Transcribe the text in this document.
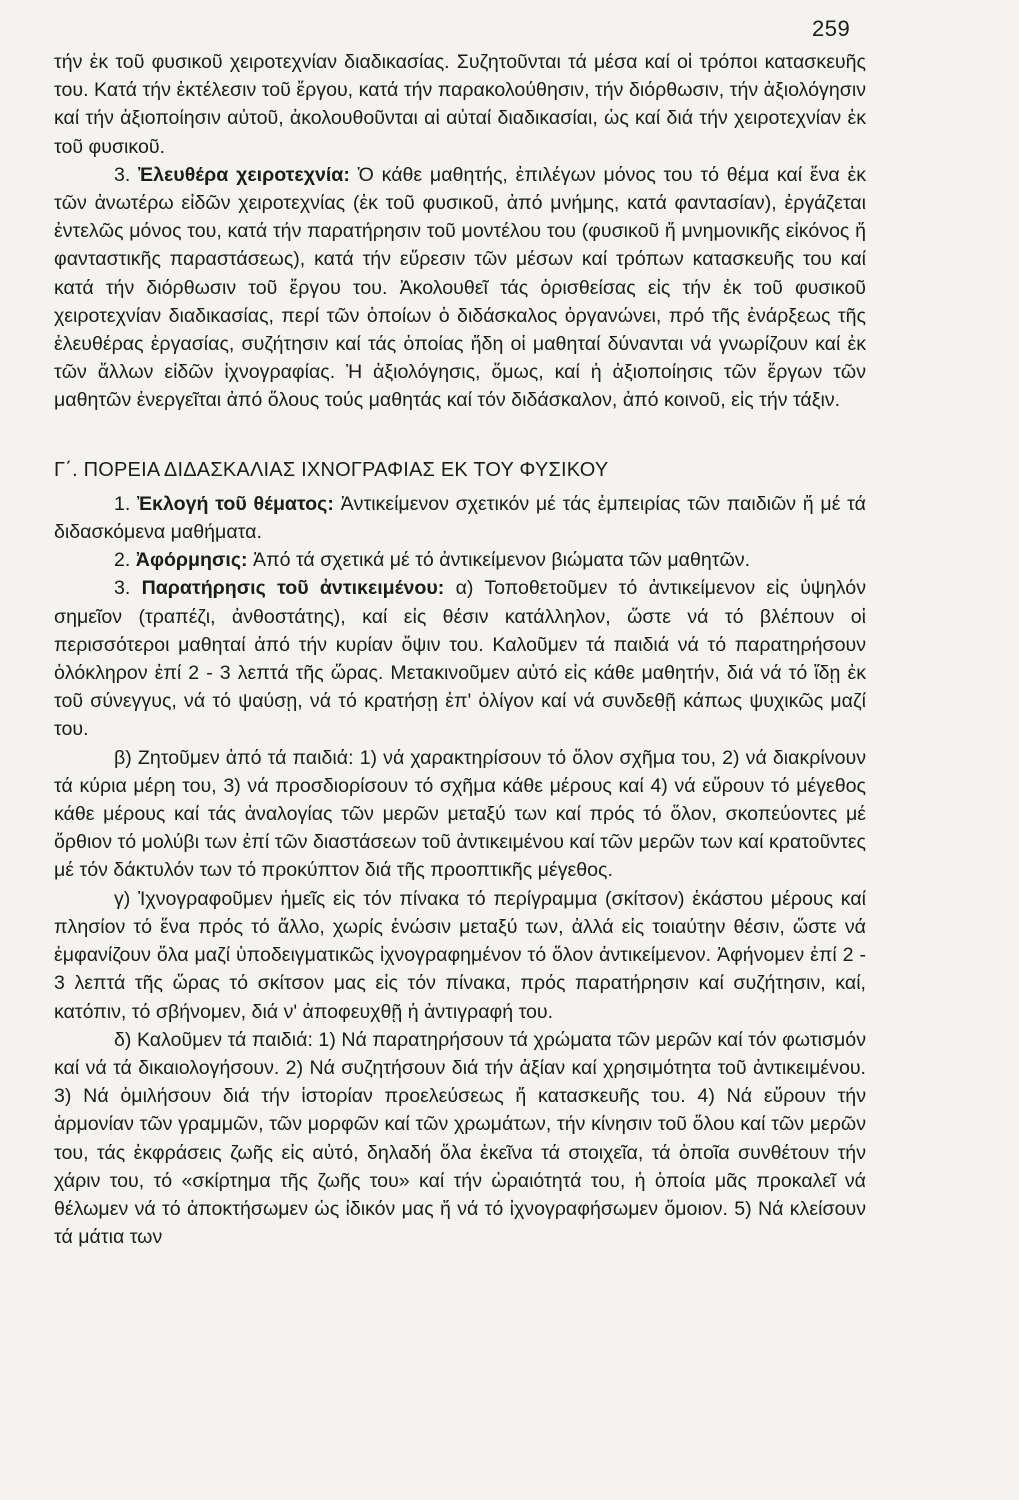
259

τήν ἐκ τοῦ φυσικοῦ χειροτεχνίαν διαδικασίας. Συζητοῦνται τά μέσα καί οἱ τρόποι κατασκευῆς του. Κατά τήν ἐκτέλεσιν τοῦ ἔργου, κατά τήν παρακολούθησιν, τήν διόρθωσιν, τήν ἀξιολόγησιν καί τήν ἀξιοποίησιν αὐτοῦ, ἀκολουθοῦνται αἱ αὐταί διαδικασίαι, ὡς καί διά τήν χειροτεχνίαν ἐκ τοῦ φυσικοῦ.

3. Ἐλευθέρα χειροτεχνία: Ὁ κάθε μαθητής, ἐπιλέγων μόνος του τό θέμα καί ἕνα ἐκ τῶν ἀνωτέρω εἰδῶν χειροτεχνίας (ἐκ τοῦ φυσικοῦ, ἀπό μνήμης, κατά φαντασίαν), ἐργάζεται ἐντελῶς μόνος του, κατά τήν παρατήρησιν τοῦ μοντέλου του (φυσικοῦ ἤ μνημονικῆς εἰκόνος ἤ φανταστικῆς παραστάσεως), κατά τήν εὕρεσιν τῶν μέσων καί τρόπων κατασκευῆς του καί κατά τήν διόρθωσιν τοῦ ἔργου του. Ἀκολουθεῖ τάς ὁρισθείσας εἰς τήν ἐκ τοῦ φυσικοῦ χειροτεχνίαν διαδικασίας, περί τῶν ὁποίων ὁ διδάσκαλος ὀργανώνει, πρό τῆς ἐνάρξεως τῆς ἐλευθέρας ἐργασίας, συζήτησιν καί τάς ὁποίας ἤδη οἱ μαθηταί δύνανται νά γνωρίζουν καί ἐκ τῶν ἄλλων εἰδῶν ἰχνογραφίας. Ἡ ἀξιολόγησις, ὅμως, καί ἡ ἀξιοποίησις τῶν ἔργων τῶν μαθητῶν ἐνεργεῖται ἀπό ὅλους τούς μαθητάς καί τόν διδάσκαλον, ἀπό κοινοῦ, εἰς τήν τάξιν.

Γ΄. ΠΟΡΕΙΑ ΔΙΔΑΣΚΑΛΙΑΣ ΙΧΝΟΓΡΑΦΙΑΣ ΕΚ ΤΟΥ ΦΥΣΙΚΟΥ

1. Ἐκλογή τοῦ θέματος: Ἀντικείμενον σχετικόν μέ τάς ἐμπειρίας τῶν παιδιῶν ἤ μέ τά διδασκόμενα μαθήματα.

2. Ἀφόρμησις: Ἀπό τά σχετικά μέ τό ἀντικείμενον βιώματα τῶν μαθητῶν.

3. Παρατήρησις τοῦ ἀντικειμένου: α) Τοποθετοῦμεν τό ἀντικείμενον εἰς ὑψηλόν σημεῖον (τραπέζι, ἀνθοστάτης), καί εἰς θέσιν κατάλληλον, ὥστε νά τό βλέπουν οἱ περισσότεροι μαθηταί ἀπό τήν κυρίαν ὄψιν του. Καλοῦμεν τά παιδιά νά τό παρατηρήσουν ὁλόκληρον ἐπί 2 - 3 λεπτά τῆς ὥρας. Μετακινοῦμεν αὐτό εἰς κάθε μαθητήν, διά νά τό ἴδῃ ἐκ τοῦ σύνεγγυς, νά τό ψαύσῃ, νά τό κρατήσῃ ἐπ' ὀλίγον καί νά συνδεθῇ κάπως ψυχικῶς μαζί του.

β) Ζητοῦμεν ἀπό τά παιδιά: 1) νά χαρακτηρίσουν τό ὅλον σχῆμα του, 2) νά διακρίνουν τά κύρια μέρη του, 3) νά προσδιορίσουν τό σχῆμα κάθε μέρους καί 4) νά εὕρουν τό μέγεθος κάθε μέρους καί τάς ἀναλογίας τῶν μερῶν μεταξύ των καί πρός τό ὅλον, σκοπεύοντες μέ ὄρθιον τό μολύβι των ἐπί τῶν διαστάσεων τοῦ ἀντικειμένου καί τῶν μερῶν των καί κρατοῦντες μέ τόν δάκτυλόν των τό προκύπτον διά τῆς προοπτικῆς μέγεθος.

γ) Ἰχνογραφοῦμεν ἡμεῖς εἰς τόν πίνακα τό περίγραμμα (σκίτσον) ἑκάστου μέρους καί πλησίον τό ἕνα πρός τό ἄλλο, χωρίς ἑνώσιν μεταξύ των, ἀλλά εἰς τοιαύτην θέσιν, ὥστε νά ἐμφανίζουν ὅλα μαζί ὑποδειγματικῶς ἰχνογραφημένον τό ὅλον ἀντικείμενον. Ἀφήνομεν ἐπί 2 - 3 λεπτά τῆς ὥρας τό σκίτσον μας εἰς τόν πίνακα, πρός παρατήρησιν καί συζήτησιν, καί, κατόπιν, τό σβήνομεν, διά ν' ἀποφευχθῇ ἡ ἀντιγραφή του.

δ) Καλοῦμεν τά παιδιά: 1) Νά παρατηρήσουν τά χρώματα τῶν μερῶν καί τόν φωτισμόν καί νά τά δικαιολογήσουν. 2) Νά συζητήσουν διά τήν ἀξίαν καί χρησιμότητα τοῦ ἀντικειμένου. 3) Νά ὁμιλήσουν διά τήν ἱστορίαν προελεύσεως ἤ κατασκευῆς του. 4) Νά εὕρουν τήν ἁρμονίαν τῶν γραμμῶν, τῶν μορφῶν καί τῶν χρωμάτων, τήν κίνησιν τοῦ ὅλου καί τῶν μερῶν του, τάς ἐκφράσεις ζωῆς εἰς αὐτό, δηλαδή ὅλα ἐκεῖνα τά στοιχεῖα, τά ὁποῖα συνθέτουν τήν χάριν του, τό «σκίρτημα τῆς ζωῆς του» καί τήν ὡραιότητά του, ἡ ὁποία μᾶς προκαλεῖ νά θέλωμεν νά τό ἀποκτήσωμεν ὡς ἰδικόν μας ἤ νά τό ἰχνογραφήσωμεν ὅμοιον. 5) Νά κλείσουν τά μάτια των
